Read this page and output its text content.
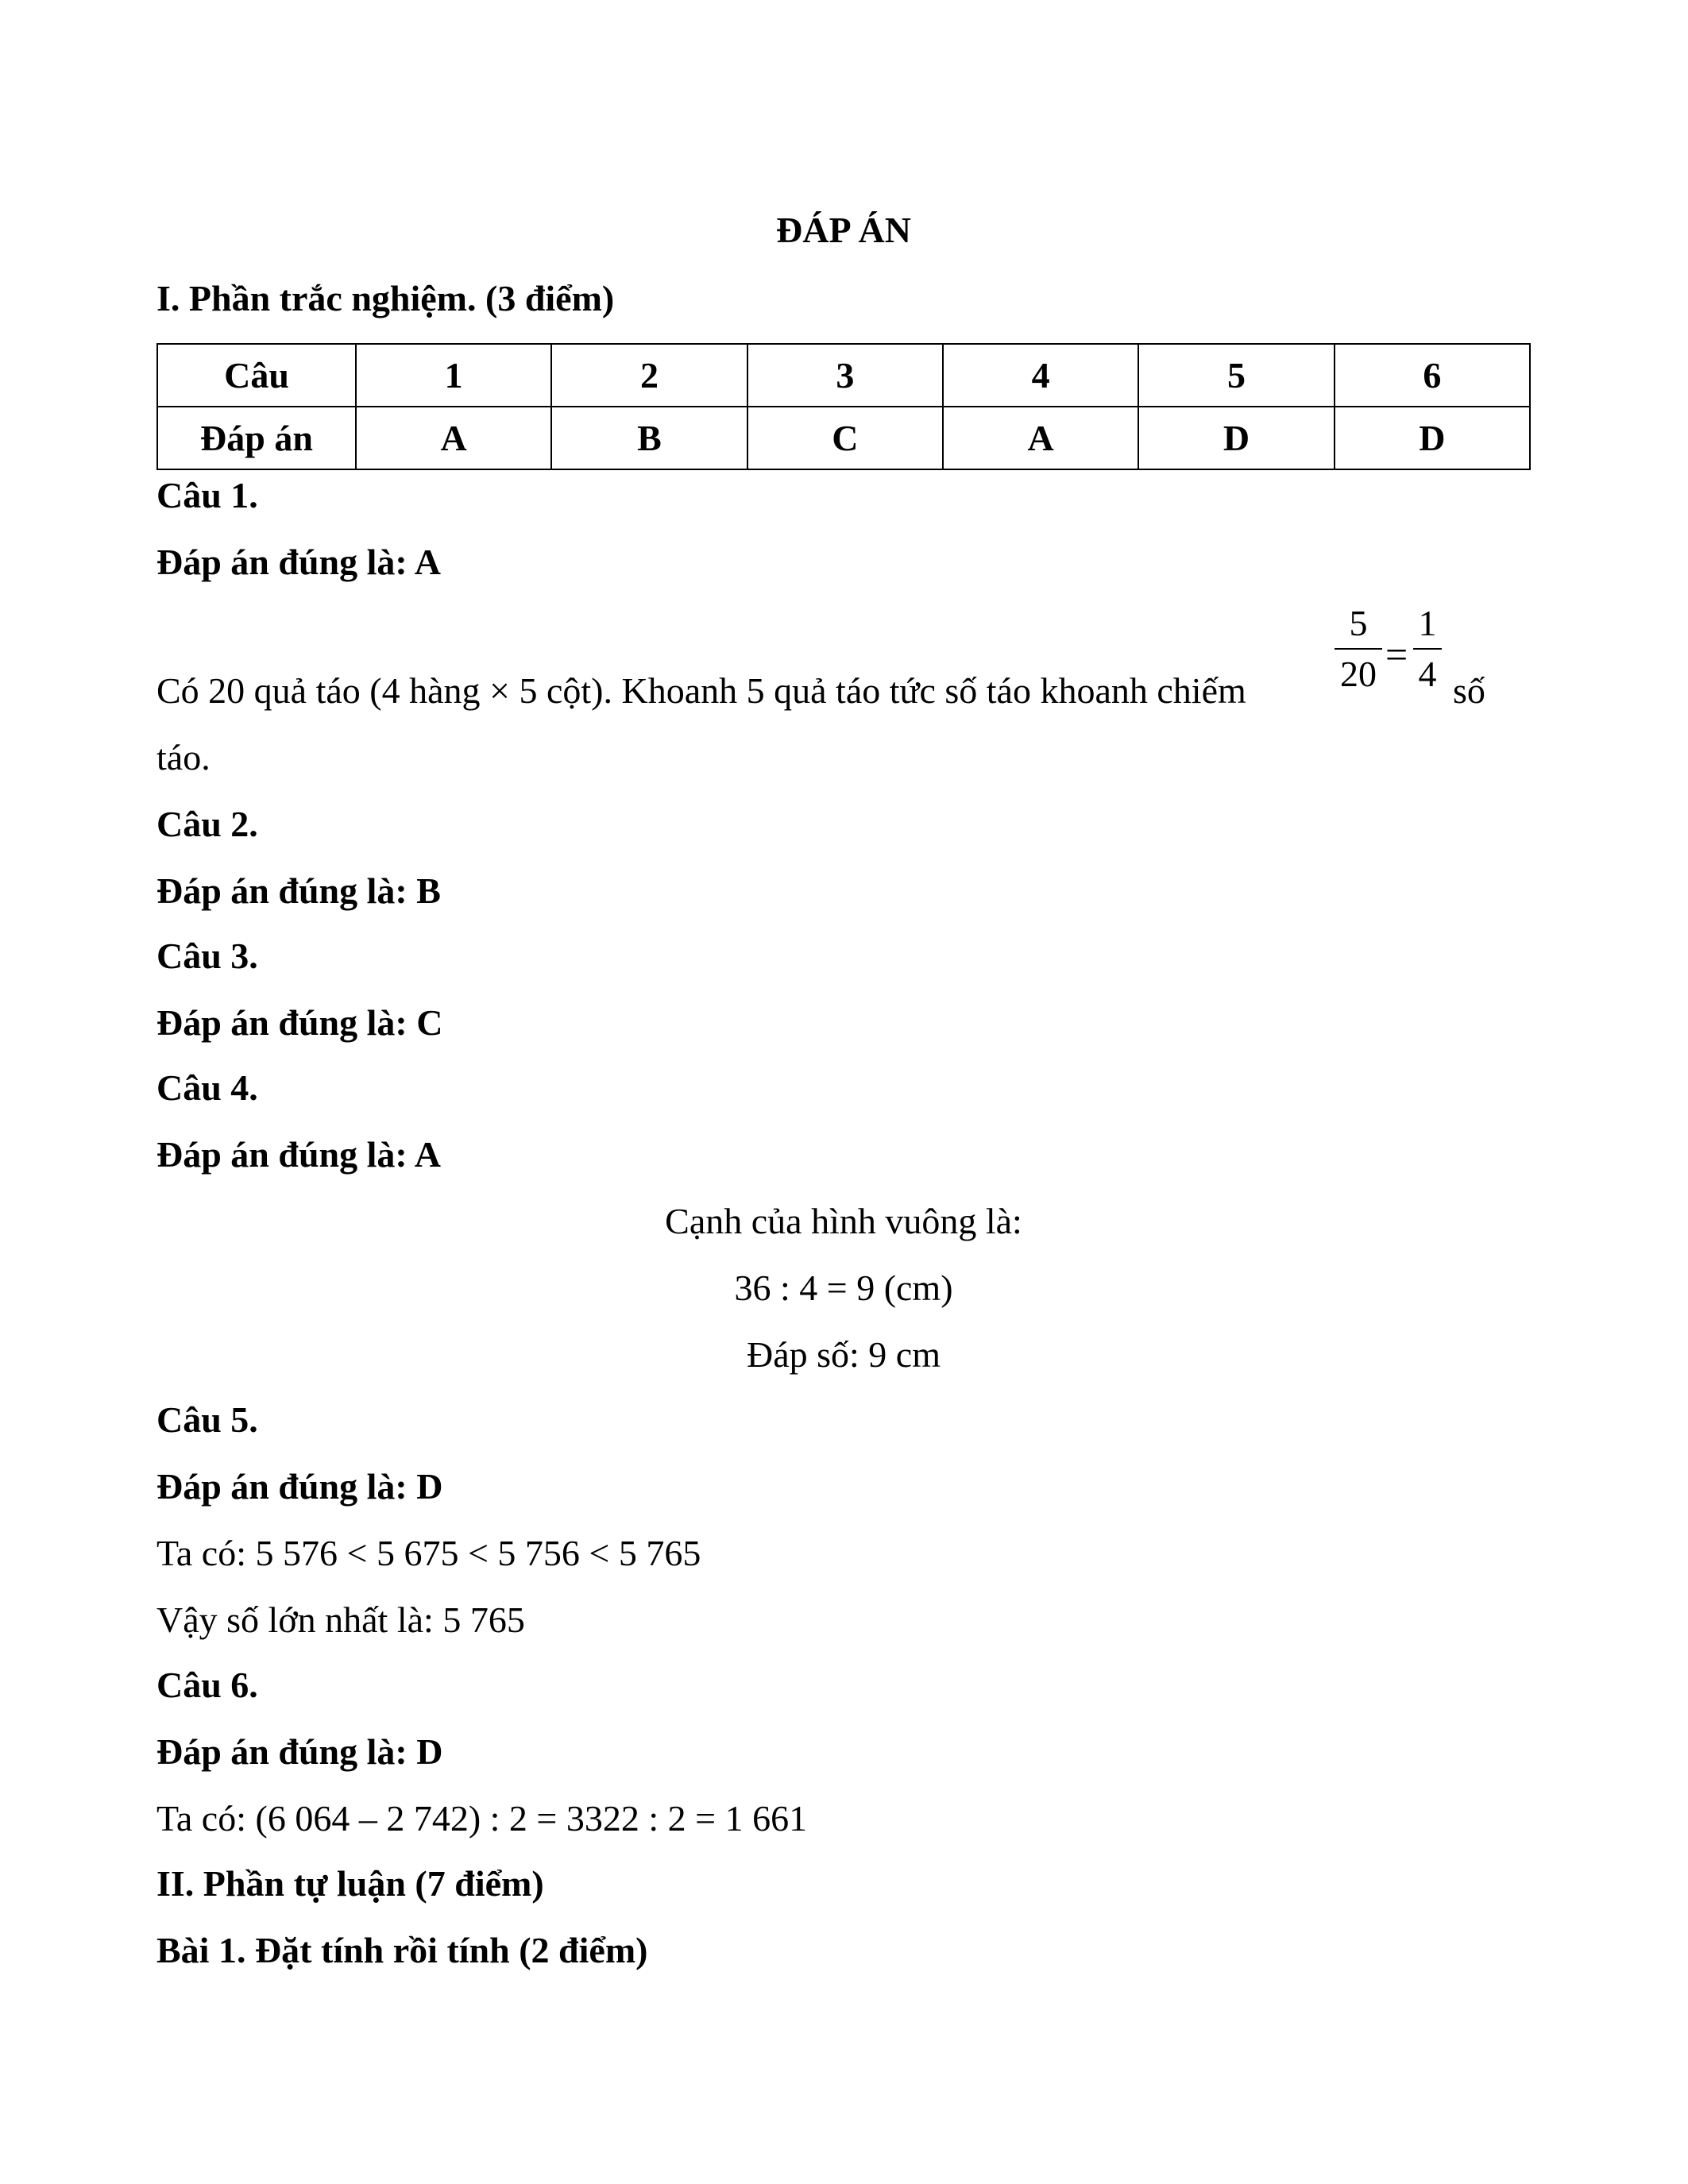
ĐÁP ÁN
I. Phần trắc nghiệm. (3 điểm)
Câu	1	2	3	4	5	6
Đáp án	A	B	C	A	D	D
Câu 1.
Đáp án đúng là: A
Có 20 quả táo (4 hàng × 5 cột). Khoanh 5 quả táo tức số táo khoanh chiếm
5
20 =
1
4 số
táo.
Câu 2.
Đáp án đúng là: B
Câu 3.
Đáp án đúng là: C
Câu 4.
Đáp án đúng là: A
Cạnh của hình vuông là:
36 : 4 = 9 (cm)
Đáp số: 9 cm
Câu 5.
Đáp án đúng là: D
Ta có: 5 576 < 5 675 < 5 756 < 5 765
Vậy số lớn nhất là: 5 765
Câu 6.
Đáp án đúng là: D
Ta có: (6 064 – 2 742) : 2 = 3322 : 2 = 1 661
II. Phần tự luận (7 điểm)
Bài 1. Đặt tính rồi tính (2 điểm)
